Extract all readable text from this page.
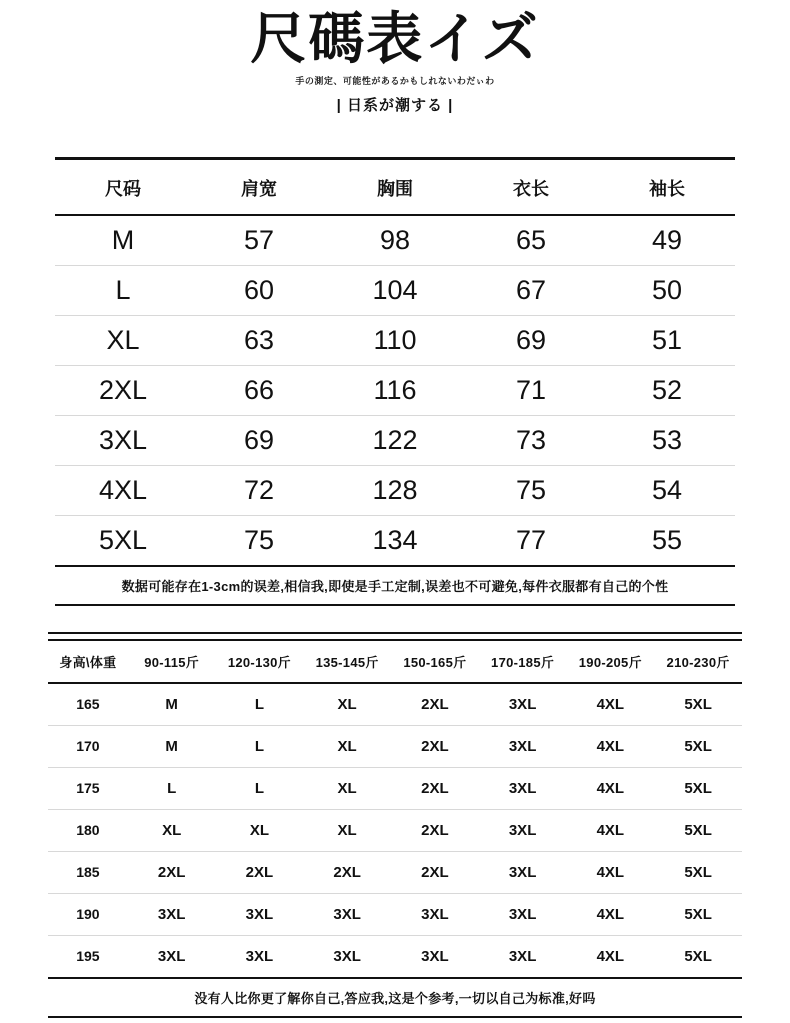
尺碼表イズ

手の測定、可能性があるかもしれないわだぃわ

| 日系が潮する |

尺码	肩宽	胸围	衣长	袖长
M	57	98	65	49
L	60	104	67	50
XL	63	110	69	51
2XL	66	116	71	52
3XL	69	122	73	53
4XL	72	128	75	54
5XL	75	134	77	55
数据可能存在1-3cm的误差,相信我,即使是手工定制,误差也不可避免,每件衣服都有自己的个性
身高\体重	90-115斤	120-130斤	135-145斤	150-165斤	170-185斤	190-205斤	210-230斤
165	M	L	XL	2XL	3XL	4XL	5XL
170	M	L	XL	2XL	3XL	4XL	5XL
175	L	L	XL	2XL	3XL	4XL	5XL
180	XL	XL	XL	2XL	3XL	4XL	5XL
185	2XL	2XL	2XL	2XL	3XL	4XL	5XL
190	3XL	3XL	3XL	3XL	3XL	4XL	5XL
195	3XL	3XL	3XL	3XL	3XL	4XL	5XL
没有人比你更了解你自己,答应我,这是个参考,一切以自己为标准,好吗
